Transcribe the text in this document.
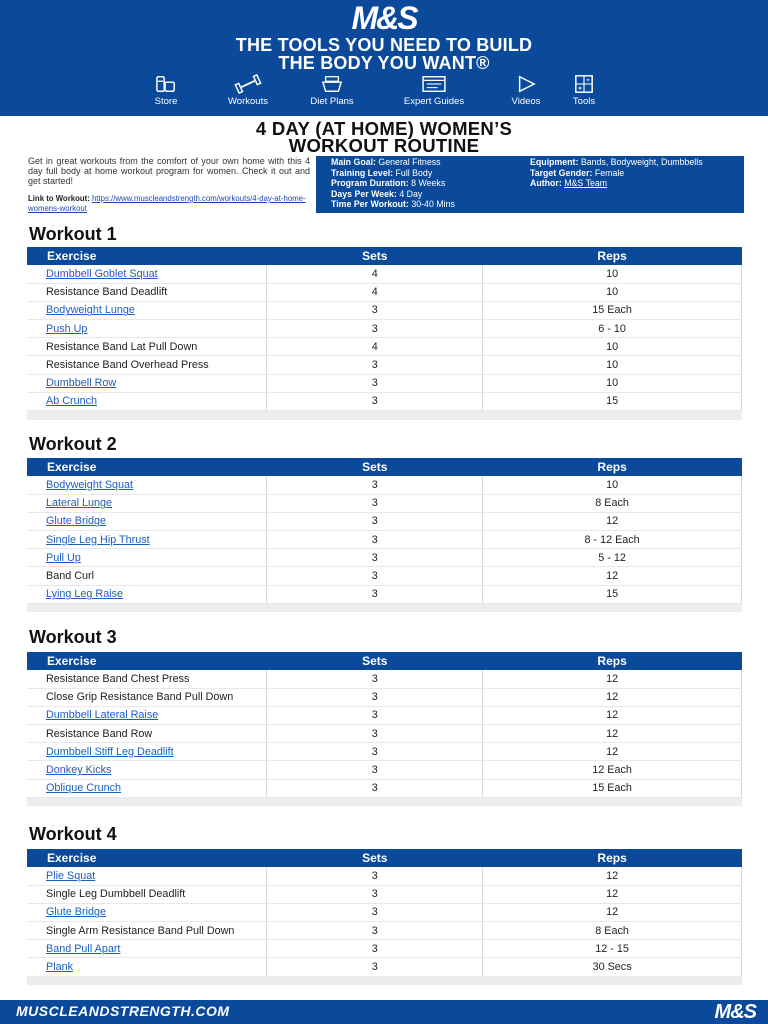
M&S
THE TOOLS YOU NEED TO BUILD
THE BODY YOU WANT®
Store	Workouts	Diet Plans	Expert Guides	Videos	Tools
4 DAY (AT HOME) WOMEN’S
WORKOUT ROUTINE
Get in great workouts from the comfort of your own home with this 4 day full body at home workout program for women. Check it out and get started!
Link to Workout: https://www.muscleandstrength.com/workouts/4-day-at-home-womens-workout
Main Goal: General Fitness
Training Level: Full Body
Program Duration: 8 Weeks
Days Per Week: 4 Day
Time Per Workout: 30-40 Mins
Equipment: Bands, Bodyweight, Dumbbells
Target Gender: Female
Author: M&S Team
Workout 1
Exercise	Sets	Reps
Dumbbell Goblet Squat	4	10
Resistance Band Deadlift	4	10
Bodyweight Lunge	3	15 Each
Push Up	3	6 - 10
Resistance Band Lat Pull Down	4	10
Resistance Band Overhead Press	3	10
Dumbbell Row	3	10
Ab Crunch	3	15

Workout 2
Exercise	Sets	Reps
Bodyweight Squat	3	10
Lateral Lunge	3	8 Each
Glute Bridge	3	12
Single Leg Hip Thrust	3	8 - 12 Each
Pull Up	3	5 - 12
Band Curl	3	12
Lying Leg Raise	3	15

Workout 3
Exercise	Sets	Reps
Resistance Band Chest Press	3	12
Close Grip Resistance Band Pull Down	3	12
Dumbbell Lateral Raise	3	12
Resistance Band Row	3	12
Dumbbell Stiff Leg Deadlift	3	12
Donkey Kicks	3	12 Each
Oblique Crunch	3	15 Each

Workout 4
Exercise	Sets	Reps
Plie Squat	3	12
Single Leg Dumbbell Deadlift	3	12
Glute Bridge	3	12
Single Arm Resistance Band Pull Down	3	8 Each
Band Pull Apart	3	12 - 15
Plank	3	30 Secs

MUSCLEANDSTRENGTH.COM	M&S
